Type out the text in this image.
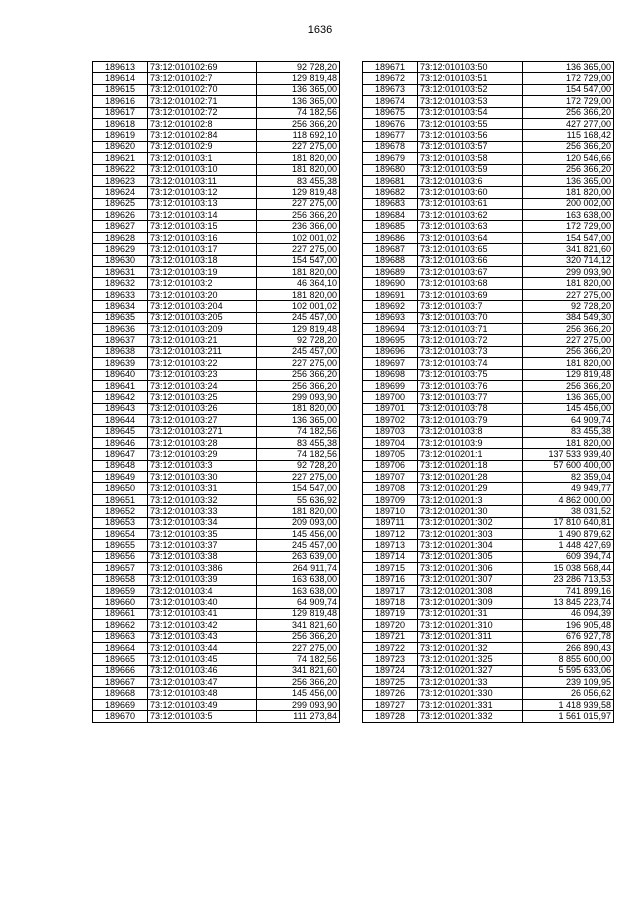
1636
189613	73:12:010102:69	92 728,20
189614	73:12:010102:7	129 819,48
189615	73:12:010102:70	136 365,00
189616	73:12:010102:71	136 365,00
189617	73:12:010102:72	74 182,56
189618	73:12:010102:8	256 366,20
189619	73:12:010102:84	118 692,10
189620	73:12:010102:9	227 275,00
189621	73:12:010103:1	181 820,00
189622	73:12:010103:10	181 820,00
189623	73:12:010103:11	83 455,38
189624	73:12:010103:12	129 819,48
189625	73:12:010103:13	227 275,00
189626	73:12:010103:14	256 366,20
189627	73:12:010103:15	236 366,00
189628	73:12:010103:16	102 001,02
189629	73:12:010103:17	227 275,00
189630	73:12:010103:18	154 547,00
189631	73:12:010103:19	181 820,00
189632	73:12:010103:2	46 364,10
189633	73:12:010103:20	181 820,00
189634	73:12:010103:204	102 001,02
189635	73:12:010103:205	245 457,00
189636	73:12:010103:209	129 819,48
189637	73:12:010103:21	92 728,20
189638	73:12:010103:211	245 457,00
189639	73:12:010103:22	227 275,00
189640	73:12:010103:23	256 366,20
189641	73:12:010103:24	256 366,20
189642	73:12:010103:25	299 093,90
189643	73:12:010103:26	181 820,00
189644	73:12:010103:27	136 365,00
189645	73:12:010103:271	74 182,56
189646	73:12:010103:28	83 455,38
189647	73:12:010103:29	74 182,56
189648	73:12:010103:3	92 728,20
189649	73:12:010103:30	227 275,00
189650	73:12:010103:31	154 547,00
189651	73:12:010103:32	55 636,92
189652	73:12:010103:33	181 820,00
189653	73:12:010103:34	209 093,00
189654	73:12:010103:35	145 456,00
189655	73:12:010103:37	245 457,00
189656	73:12:010103:38	263 639,00
189657	73:12:010103:386	264 911,74
189658	73:12:010103:39	163 638,00
189659	73:12:010103:4	163 638,00
189660	73:12:010103:40	64 909,74
189661	73:12:010103:41	129 819,48
189662	73:12:010103:42	341 821,60
189663	73:12:010103:43	256 366,20
189664	73:12:010103:44	227 275,00
189665	73:12:010103:45	74 182,56
189666	73:12:010103:46	341 821,60
189667	73:12:010103:47	256 366,20
189668	73:12:010103:48	145 456,00
189669	73:12:010103:49	299 093,90
189670	73:12:010103:5	111 273,84
189671	73:12:010103:50	136 365,00
189672	73:12:010103:51	172 729,00
189673	73:12:010103:52	154 547,00
189674	73:12:010103:53	172 729,00
189675	73:12:010103:54	256 366,20
189676	73:12:010103:55	427 277,00
189677	73:12:010103:56	115 168,42
189678	73:12:010103:57	256 366,20
189679	73:12:010103:58	120 546,66
189680	73:12:010103:59	256 366,20
189681	73:12:010103:6	136 365,00
189682	73:12:010103:60	181 820,00
189683	73:12:010103:61	200 002,00
189684	73:12:010103:62	163 638,00
189685	73:12:010103:63	172 729,00
189686	73:12:010103:64	154 547,00
189687	73:12:010103:65	341 821,60
189688	73:12:010103:66	320 714,12
189689	73:12:010103:67	299 093,90
189690	73:12:010103:68	181 820,00
189691	73:12:010103:69	227 275,00
189692	73:12:010103:7	92 728,20
189693	73:12:010103:70	384 549,30
189694	73:12:010103:71	256 366,20
189695	73:12:010103:72	227 275,00
189696	73:12:010103:73	256 366,20
189697	73:12:010103:74	181 820,00
189698	73:12:010103:75	129 819,48
189699	73:12:010103:76	256 366,20
189700	73:12:010103:77	136 365,00
189701	73:12:010103:78	145 456,00
189702	73:12:010103:79	64 909,74
189703	73:12:010103:8	83 455,38
189704	73:12:010103:9	181 820,00
189705	73:12:010201:1	137 533 939,40
189706	73:12:010201:18	57 600 400,00
189707	73:12:010201:28	82 359,04
189708	73:12:010201:29	49 949,77
189709	73:12:010201:3	4 862 000,00
189710	73:12:010201:30	38 031,52
189711	73:12:010201:302	17 810 640,81
189712	73:12:010201:303	1 490 879,62
189713	73:12:010201:304	1 448 427,69
189714	73:12:010201:305	609 394,74
189715	73:12:010201:306	15 038 568,44
189716	73:12:010201:307	23 286 713,53
189717	73:12:010201:308	741 899,16
189718	73:12:010201:309	13 845 223,74
189719	73:12:010201:31	46 094,39
189720	73:12:010201:310	196 905,48
189721	73:12:010201:311	676 927,78
189722	73:12:010201:32	266 890,43
189723	73:12:010201:325	8 855 600,00
189724	73:12:010201:327	5 595 633,06
189725	73:12:010201:33	239 109,95
189726	73:12:010201:330	26 056,62
189727	73:12:010201:331	1 418 939,58
189728	73:12:010201:332	1 561 015,97
